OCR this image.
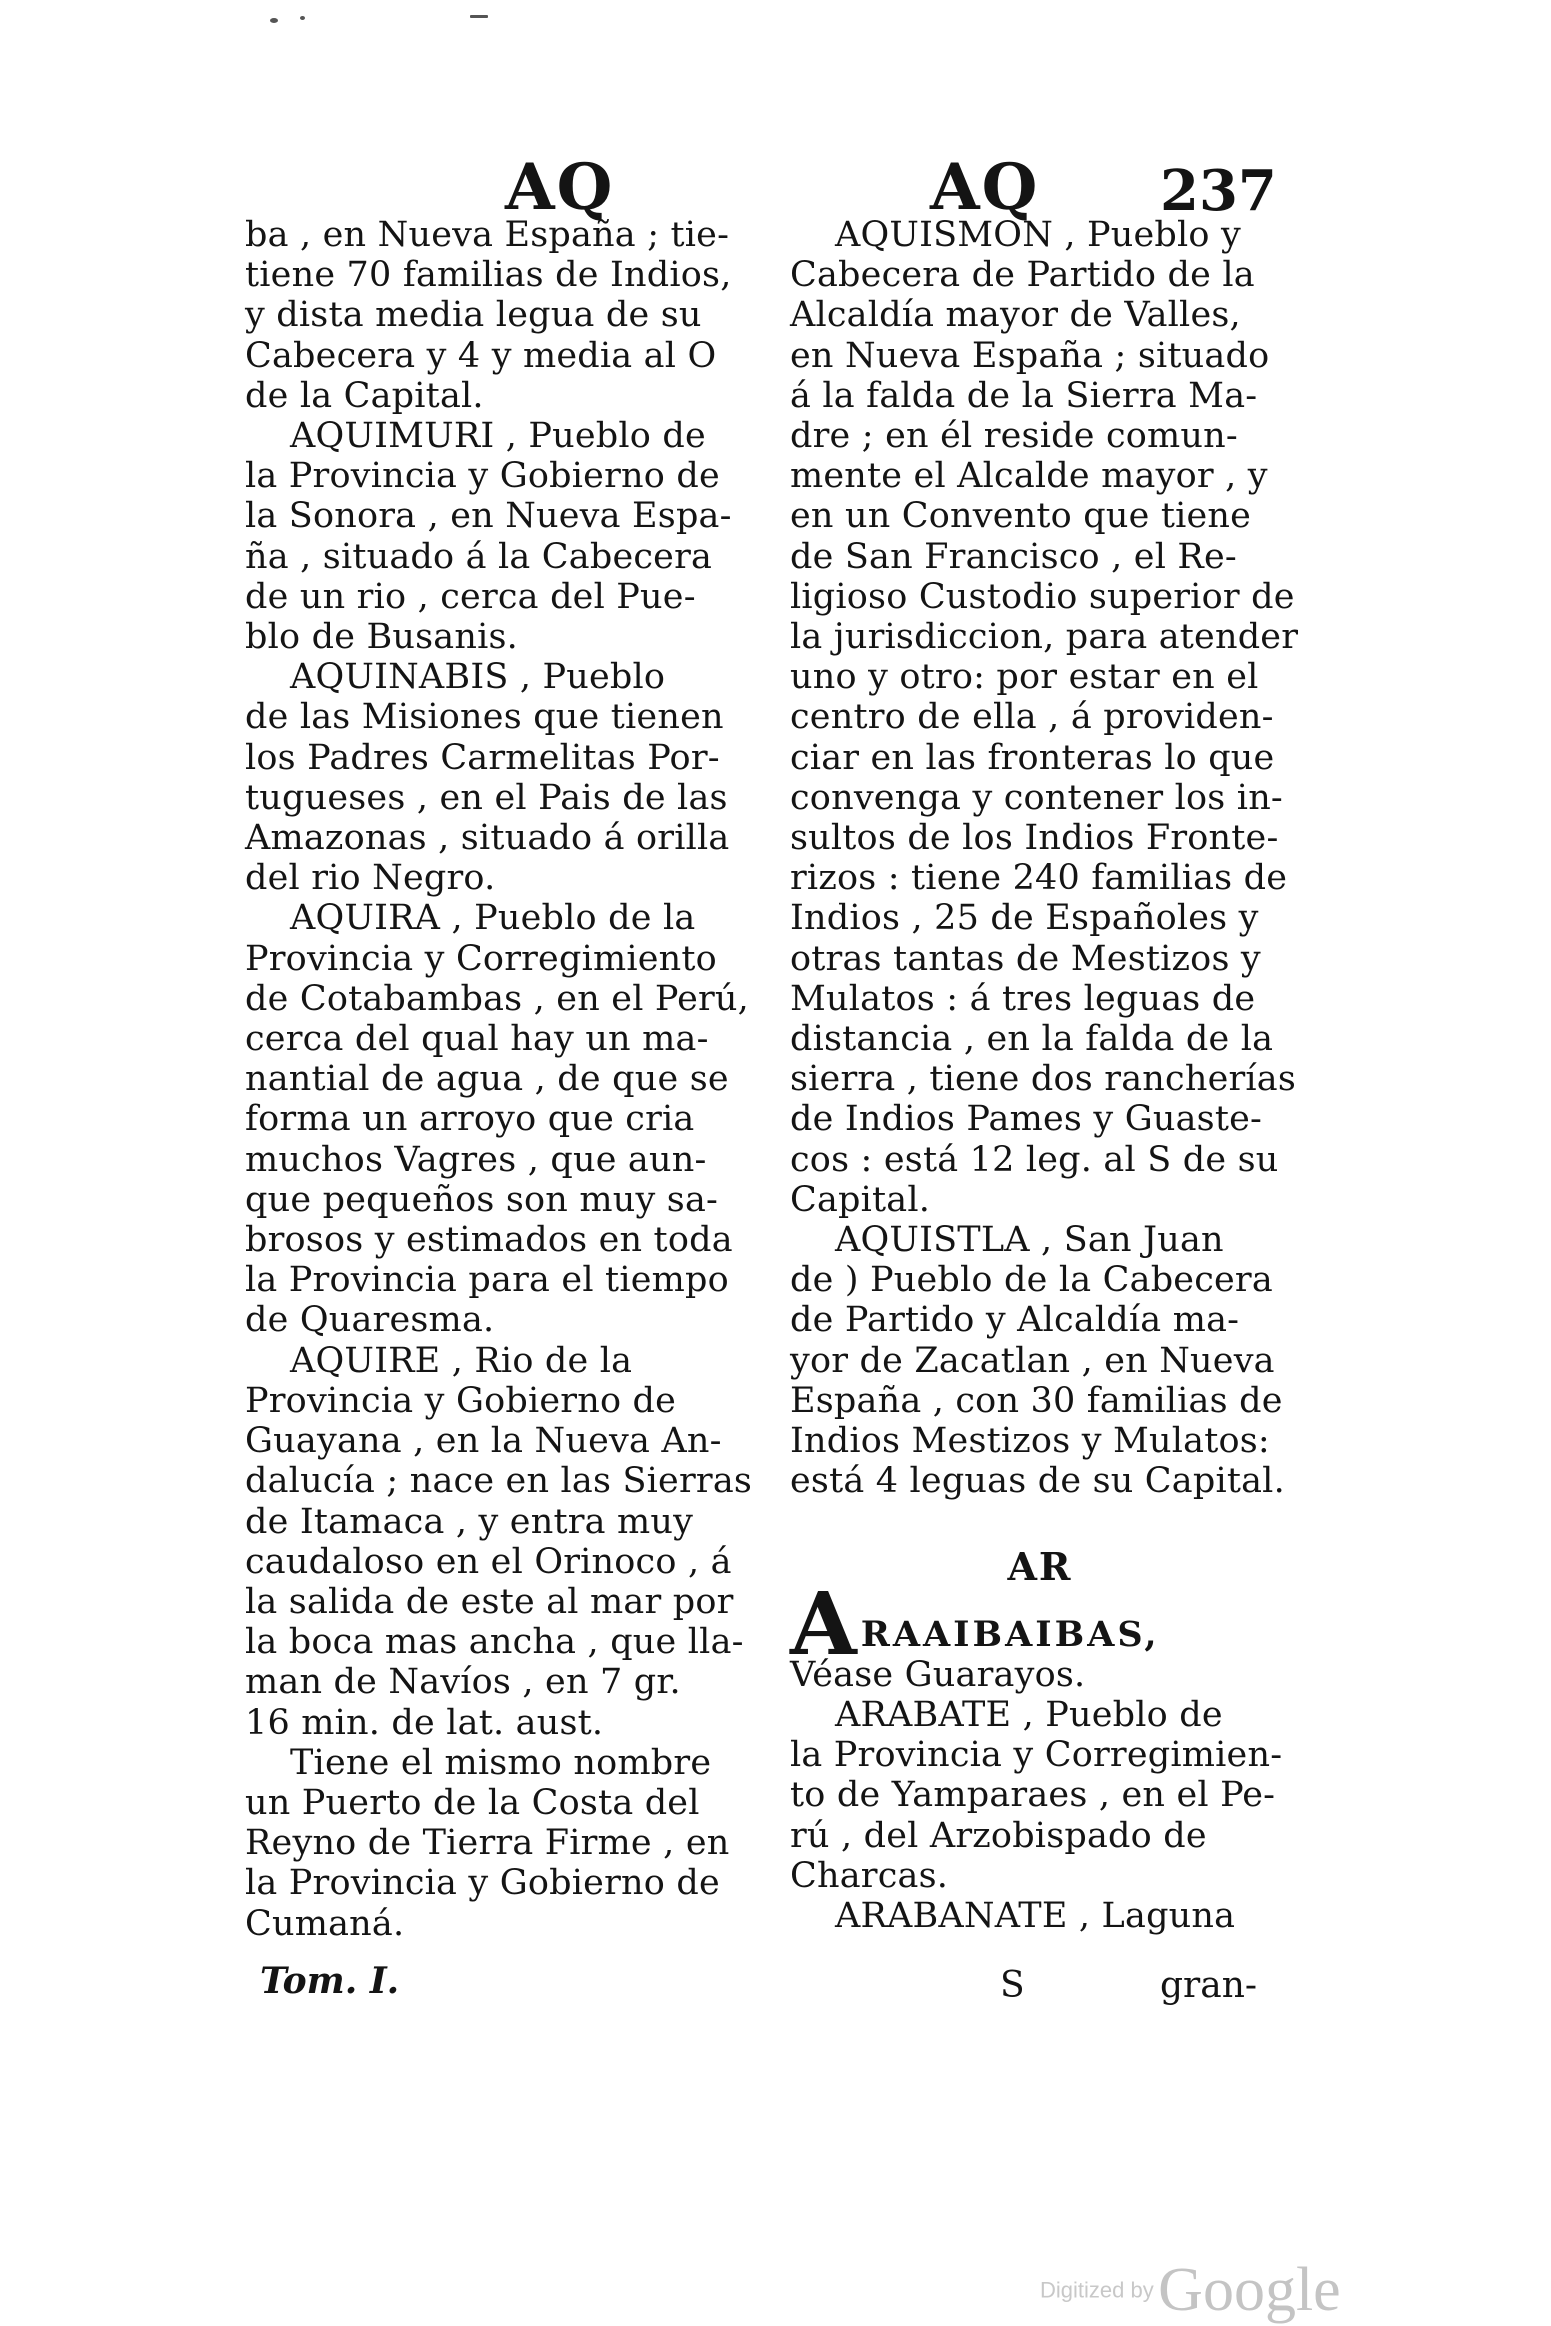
AQ	AQ 237
ba , en Nueva España ; tie-
tiene 70 familias de Indios,
y dista media legua de su
Cabecera y 4 y media al O
de la Capital.
AQUIMURI , Pueblo de
la Provincia y Gobierno de
la Sonora , en Nueva Espa-
ña , situado á la Cabecera
de un rio , cerca del Pue-
blo de Busanis.
AQUINABIS , Pueblo
de las Misiones que tienen
los Padres Carmelitas Por-
tugueses , en el Pais de las
Amazonas , situado á orilla
del rio Negro.
AQUIRA , Pueblo de la
Provincia y Corregimiento
de Cotabambas , en el Perú,
cerca del qual hay un ma-
nantial de agua , de que se
forma un arroyo que cria
muchos Vagres , que aun-
que pequeños son muy sa-
brosos y estimados en toda
la Provincia para el tiempo
de Quaresma.
AQUIRE , Rio de la
Provincia y Gobierno de
Guayana , en la Nueva An-
dalucía ; nace en las Sierras
de Itamaca , y entra muy
caudaloso en el Orinoco , á
la salida de este al mar por
la boca mas ancha , que lla-
man de Navíos , en 7 gr.
16 min. de lat. aust.
Tiene el mismo nombre
un Puerto de la Costa del
Reyno de Tierra Firme , en
la Provincia y Gobierno de
Cumaná.
AQUISMON , Pueblo y
Cabecera de Partido de la
Alcaldía mayor de Valles,
en Nueva España ; situado
á la falda de la Sierra Ma-
dre ; en él reside comun-
mente el Alcalde mayor , y
en un Convento que tiene
de San Francisco , el Re-
ligioso Custodio superior de
la jurisdiccion, para atender
uno y otro: por estar en el
centro de ella , á providen-
ciar en las fronteras lo que
convenga y contener los in-
sultos de los Indios Fronte-
rizos : tiene 240 familias de
Indios , 25 de Españoles y
otras tantas de Mestizos y
Mulatos : á tres leguas de
distancia , en la falda de la
sierra , tiene dos rancherías
de Indios Pames y Guaste-
cos : está 12 leg. al S de su
Capital.
AQUISTLA , San Juan
de ) Pueblo de la Cabecera
de Partido y Alcaldía ma-
yor de Zacatlan , en Nueva
España , con 30 familias de
Indios Mestizos y Mulatos:
está 4 leguas de su Capital.
AR
ARAAIBAIBAS,
Véase Guarayos.
ARABATE , Pueblo de
la Provincia y Corregimien-
to de Yamparaes , en el Pe-
rú , del Arzobispado de
Charcas.
ARABANATE , Laguna
Tom. I.	S	gran-
Digitized by Google
